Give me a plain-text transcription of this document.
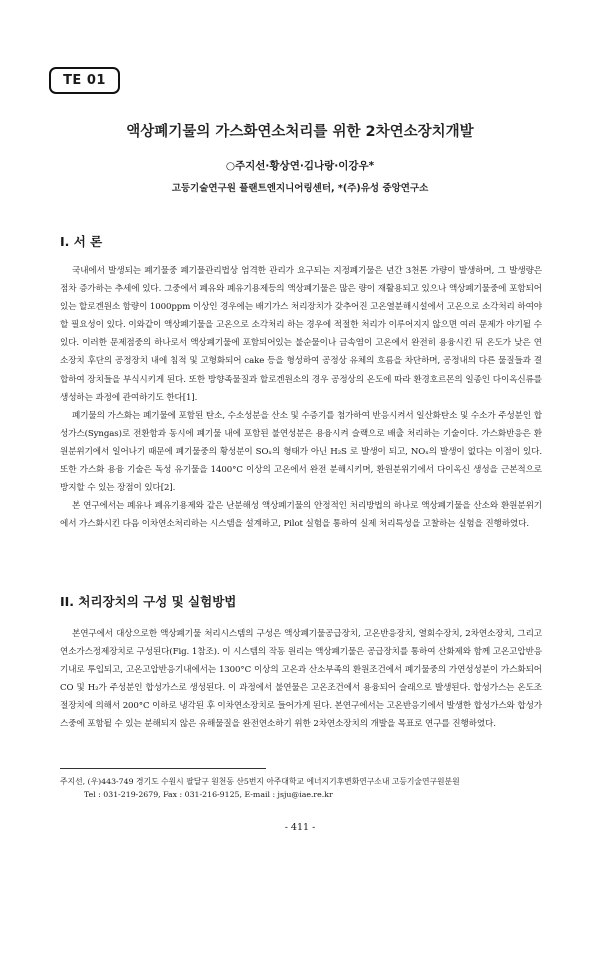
TE 01
액상폐기물의 가스화연소처리를 위한 2차연소장치개발
○주지선·황상연·김나랑·이강우*
고등기술연구원 플랜트엔지니어링센터, *(주)유성 중앙연구소
I. 서 론

국내에서 발생되는 폐기물중 폐기물관리법상 엄격한 관리가 요구되는 지정폐기물은 년간 3천톤 가량이 발생하며, 그 발생량은 점차 증가하는 추세에 있다. 그중에서 폐유와 폐유기용제등의 액상폐기물은 많은 량이 재활용되고 있으나 액상폐기물중에 포함되어있는 할로겐원소 함량이 1000ppm 이상인 경우에는 배기가스 처리장치가 갖추어진 고온열분해시설에서 고온으로 소각처리 하여야할 필요성이 있다. 이와같이 액상폐기물을 고온으로 소각처리 하는 경우에 적절한 처리가 이루어지지 않으면 여러 문제가 야기될 수 있다. 이러한 문제점중의 하나로서 액상폐기물에 포함되어있는 불순물이나 금속염이 고온에서 완전히 용융시킨 뒤 온도가 낮은 연소장치 후단의 공정장치 내에 침적 및 고형화되어 cake 등을 형성하여 공정상 유체의 흐름을 차단하며, 공정내의 다른 물질들과 결합하여 장치들을 부식시키게 된다. 또한 방향족물질과 할로겐원소의 경우 공정상의 온도에 따라 환경호르몬의 일종인 다이옥신류를 생성하는 과정에 관여하기도 한다[1].

폐기물의 가스화는 폐기물에 포함된 탄소, 수소성분을 산소 및 수증기를 첨가하여 반응시켜서 일산화탄소 및 수소가 주성분인 합성가스(Syngas)로 전환함과 동시에 폐기물 내에 포함된 불연성분은 용융시켜 슬랙으로 배출 처리하는 기술이다. 가스화반응은 환원분위기에서 일어나기 때문에 폐기물중의 황성분이 SOₓ의 형태가 아닌 H₂S 로 발생이 되고, NOₓ의 발생이 없다는 이점이 있다. 또한 가스화 용융 기술은 독성 유기물을 1400°C 이상의 고온에서 완전 분해시키며, 환원분위기에서 다이옥신 생성을 근본적으로 방지할 수 있는 장점이 있다[2].

본 연구에서는 폐유나 폐유기용제와 같은 난분해성 액상폐기물의 안정적인 처리방법의 하나로 액상폐기물을 산소와 환원분위기에서 가스화시킨 다음 이차연소처리하는 시스템을 설계하고, Pilot 실험을 통하여 실제 처리특성을 고찰하는 실험을 진행하였다.

II. 처리장치의 구성 및 실험방법

본연구에서 대상으로한 액상폐기물 처리시스템의 구성은 액상폐기물공급장치, 고온반응장치, 열회수장치, 2차연소장치, 그리고 연소가스정제장치로 구성된다(Fig. 1참조). 이 시스템의 작동 원리는 액상폐기물은 공급장치를 통하여 산화제와 함께 고온고압반응기내로 투입되고, 고온고압반응기내에서는 1300°C 이상의 고온과 산소부족의 환원조건에서 폐기물중의 가연성성분이 가스화되어 CO 및 H₂가 주성분인 합성가스로 생성된다. 이 과정에서 불연물은 고온조건에서 용융되어 슬래으로 발생된다. 합성가스는 온도조절장치에 의해서 200°C 이하로 냉각된 후 이차연소장치로 들어가게 된다. 본연구에서는 고온반응기에서 발생한 합성가스와 합성가스중에 포함될 수 있는 분해되지 않은 유해물질을 완전연소하기 위한 2차연소장치의 개발을 목표로 연구를 진행하였다.

주지선, (우)443-749 경기도 수원시 팔달구 원천동 산5번지 아주대학교 에너지기후변화연구소내 고등기술연구원분원
Tel : 031-219-2679, Fax : 031-216-9125, E-mail : jsju@iae.re.kr
- 411 -
